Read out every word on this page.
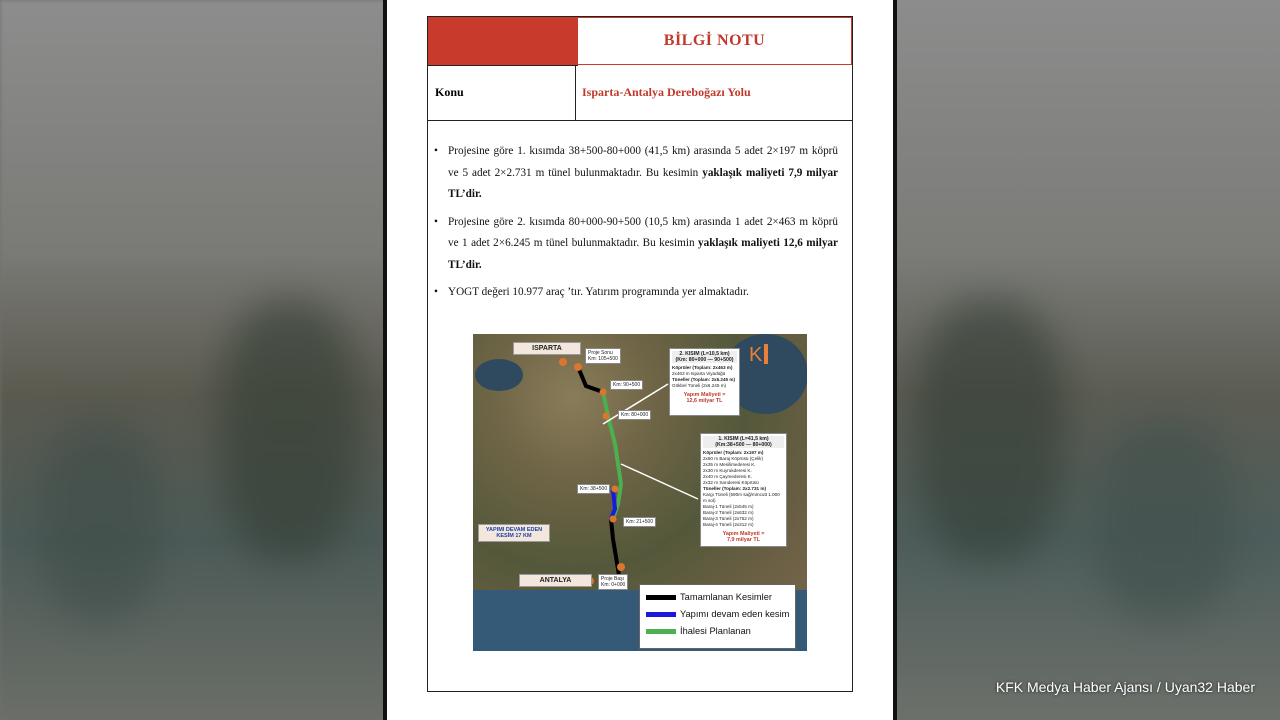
BİLGİ NOTU
Konu	Isparta-Antalya Dereboğazı Yolu
• Projesine göre 1. kısımda 38+500-80+000 (41,5 km) arasında 5 adet 2×197 m köprü ve 5 adet 2×2.731 m tünel bulunmaktadır. Bu kesimin yaklaşık maliyeti 7,9 milyar TL’dir.
• Projesine göre 2. kısımda 80+000-90+500 (10,5 km) arasında 1 adet 2×463 m köprü ve 1 adet 2×6.245 m tünel bulunmaktadır. Bu kesimin yaklaşık maliyeti 12,6 milyar TL’dir.
• YOGT değeri 10.977 araç ’tır. Yatırım programında yer almaktadır.
ISPARTA
ANTALYA
YAPIMI DEVAM EDEN
KESİM 17 KM
Proje Sonu
Km: 105+500
Km: 90+500
Km: 80+000
Km: 38+500
Km: 21+500
Proje Başı
Km: 0+000
K
2. KISIM (L=10,5 km)
(Km: 80+000 — 90+500)
Köprüler (Toplam: 2x463 m)
2x463 m Isparta Viyadüğü
Tüneller (Toplam: 2x6.245 m)
Gökbel Tüneli (2x6.245 m)
Yapım Maliyeti =
12,6 milyar TL
1. KISIM (L=41,5 km)
(Km:38+500 — 80+000)
Köprüler (Toplam: 2x197 m)
2x60 m Baraj Köprüsü (Çelik)
2x35 m Mesilimederesi K.
2x30 m Kuyrukderesi K.
2x40 m Çaymederesi K.
2x32 m Sarıderesi Köprüsü
Tüneller (Toplam: 2x2.731 m)
Kargı Tüneli (590m sağ/mmcutt 1.000 m sol)
Baraj-1 Tüneli (2x545 m)
Baraj-2 Tüneli (2x632 m)
Baraj-3 Tüneli (2x752 m)
Baraj-4 Tüneli (2x312 m)
Yapım Maliyeti =
7,9 milyar TL
Tamamlanan Kesimler
Yapımı devam eden kesim
İhalesi Planlanan
KFK Medya Haber Ajansı / Uyan32 Haber
